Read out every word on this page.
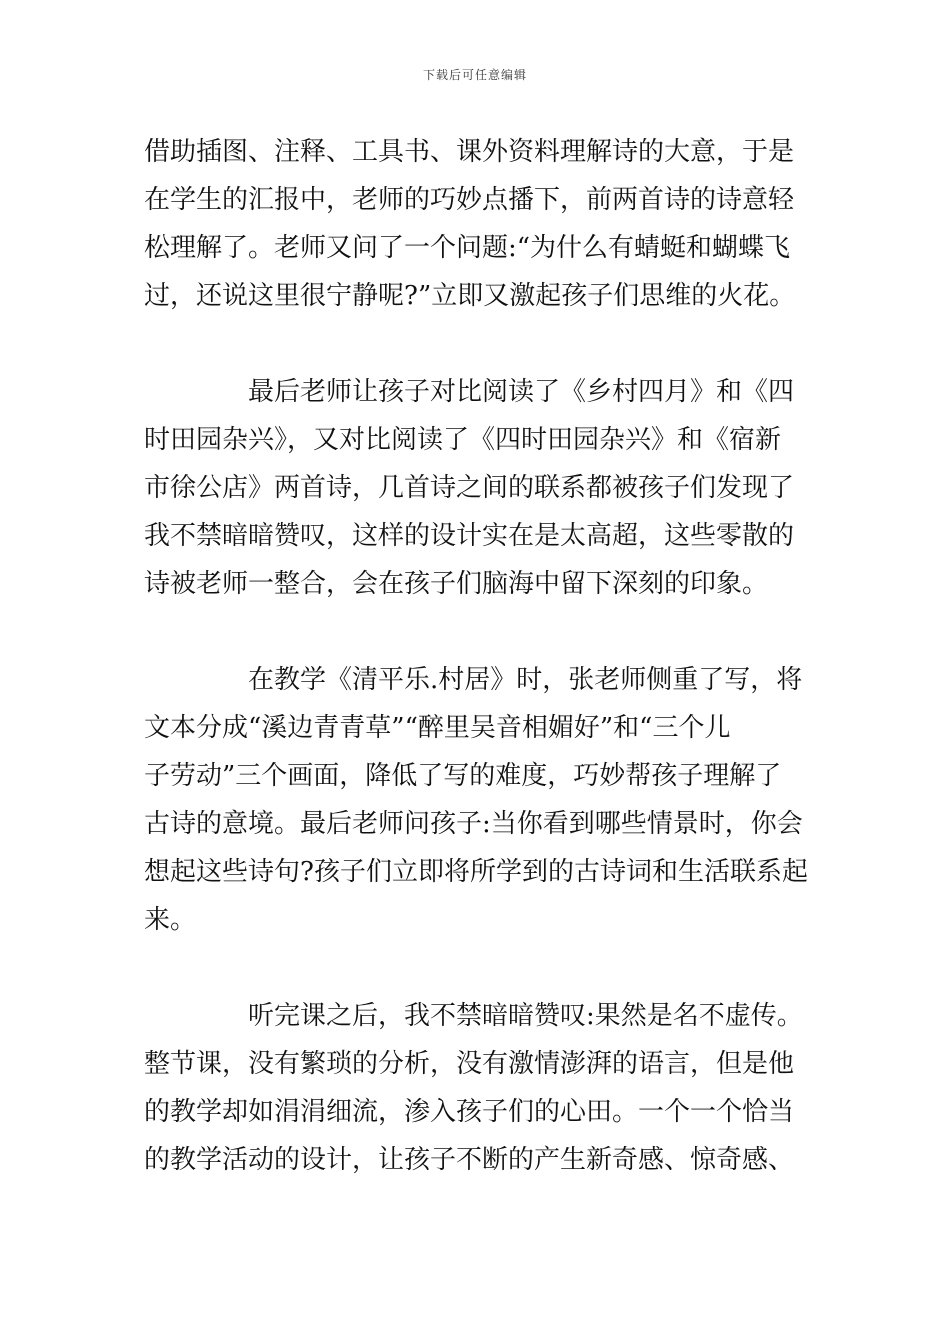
下载后可任意编辑
借助插图、注释、工具书、课外资料理解诗的大意，于是
在学生的汇报中，老师的巧妙点播下，前两首诗的诗意轻
松理解了。老师又问了一个问题:“为什么有蜻蜓和蝴蝶飞
过，还说这里很宁静呢?”立即又激起孩子们思维的火花。
最后老师让孩子对比阅读了《乡村四月》和《四
时田园杂兴》，又对比阅读了《四时田园杂兴》和《宿新
市徐公店》两首诗，几首诗之间的联系都被孩子们发现了
我不禁暗暗赞叹，这样的设计实在是太高超，这些零散的
诗被老师一整合，会在孩子们脑海中留下深刻的印象。
在教学《清平乐.村居》时，张老师侧重了写，将
文本分成“溪边青青草”“醉里吴音相媚好”和“三个儿
子劳动”三个画面，降低了写的难度，巧妙帮孩子理解了
古诗的意境。最后老师问孩子:当你看到哪些情景时，你会
想起这些诗句?孩子们立即将所学到的古诗词和生活联系起
来。
听完课之后，我不禁暗暗赞叹:果然是名不虚传。
整节课，没有繁琐的分析，没有激情澎湃的语言，但是他
的教学却如涓涓细流，渗入孩子们的心田。一个一个恰当
的教学活动的设计，让孩子不断的产生新奇感、惊奇感、
